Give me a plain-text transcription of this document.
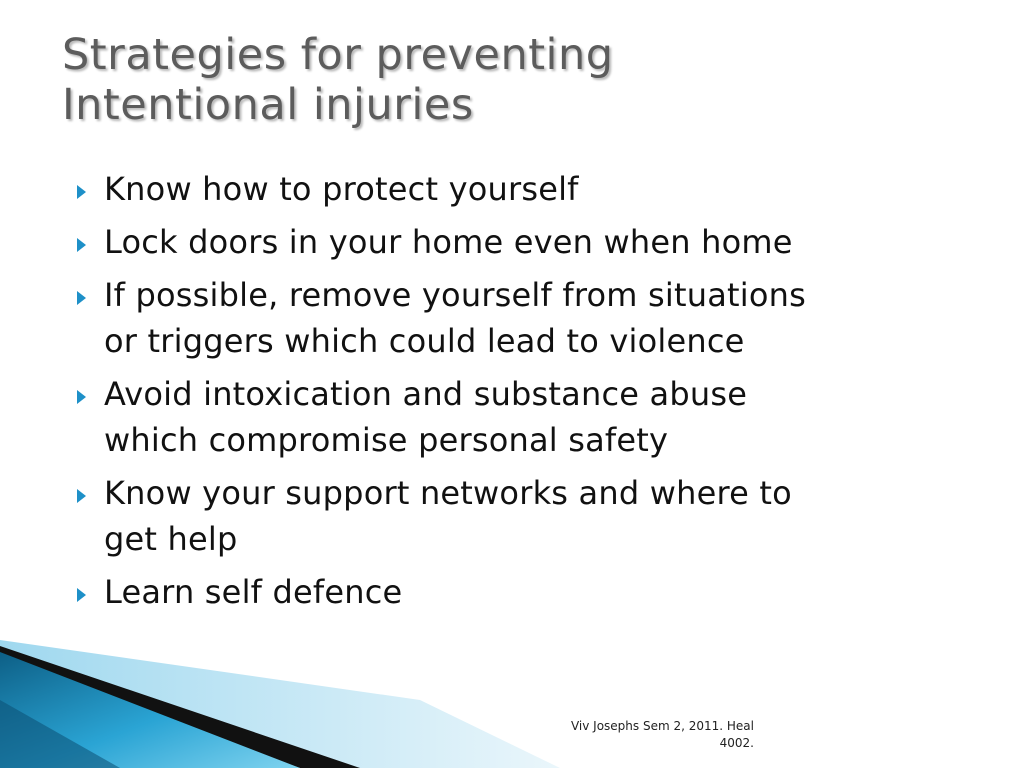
Strategies for preventing
Intentional injuries
Know how to protect yourself
Lock doors in your home even when home
If possible, remove yourself from situations
or triggers which could lead to violence
Avoid intoxication and substance abuse
which compromise personal safety
Know your support networks and where to
get help
Learn self defence

Viv Josephs Sem 2, 2011. Heal
4002.
